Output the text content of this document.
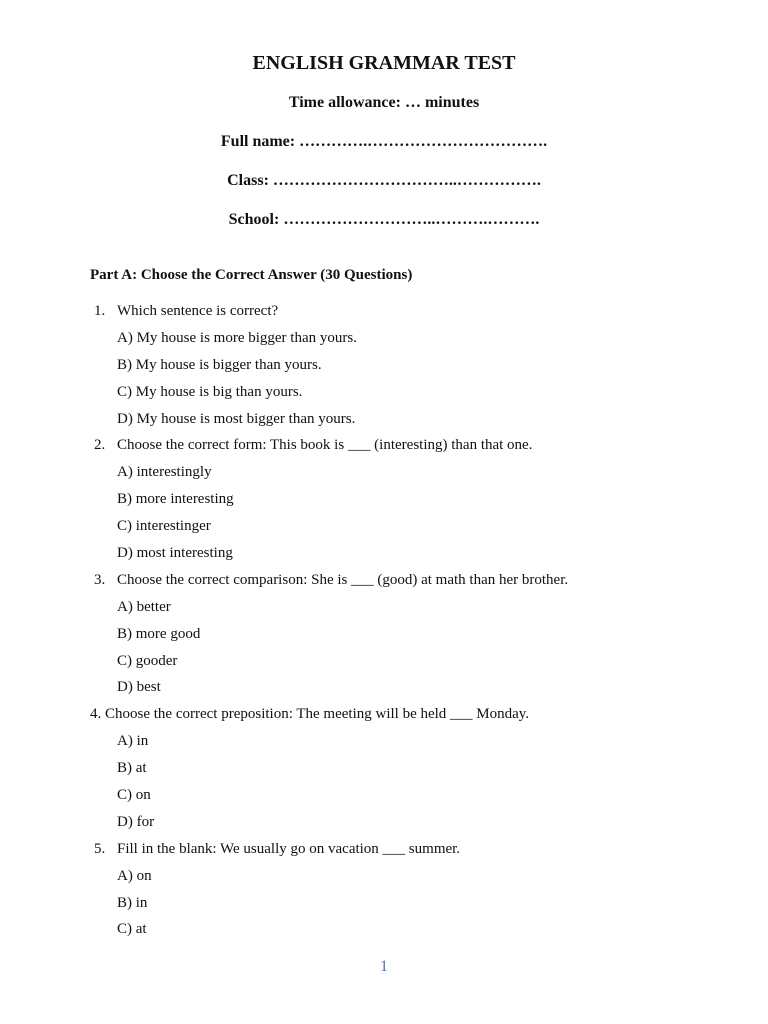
ENGLISH GRAMMAR TEST
Time allowance: … minutes
Full name: ………….…………………………….
Class: ……………………………..…………….
School: ………………………..……….……….
Part A: Choose the Correct Answer (30 Questions)
1. Which sentence is correct?
A) My house is more bigger than yours.
B) My house is bigger than yours.
C) My house is big than yours.
D) My house is most bigger than yours.
2. Choose the correct form: This book is ___ (interesting) than that one.
A) interestingly
B) more interesting
C) interestinger
D) most interesting
3. Choose the correct comparison: She is ___ (good) at math than her brother.
A) better
B) more good
C) gooder
D) best
4. Choose the correct preposition: The meeting will be held ___ Monday.
A) in
B) at
C) on
D) for
5. Fill in the blank: We usually go on vacation ___ summer.
A) on
B) in
C) at
1
